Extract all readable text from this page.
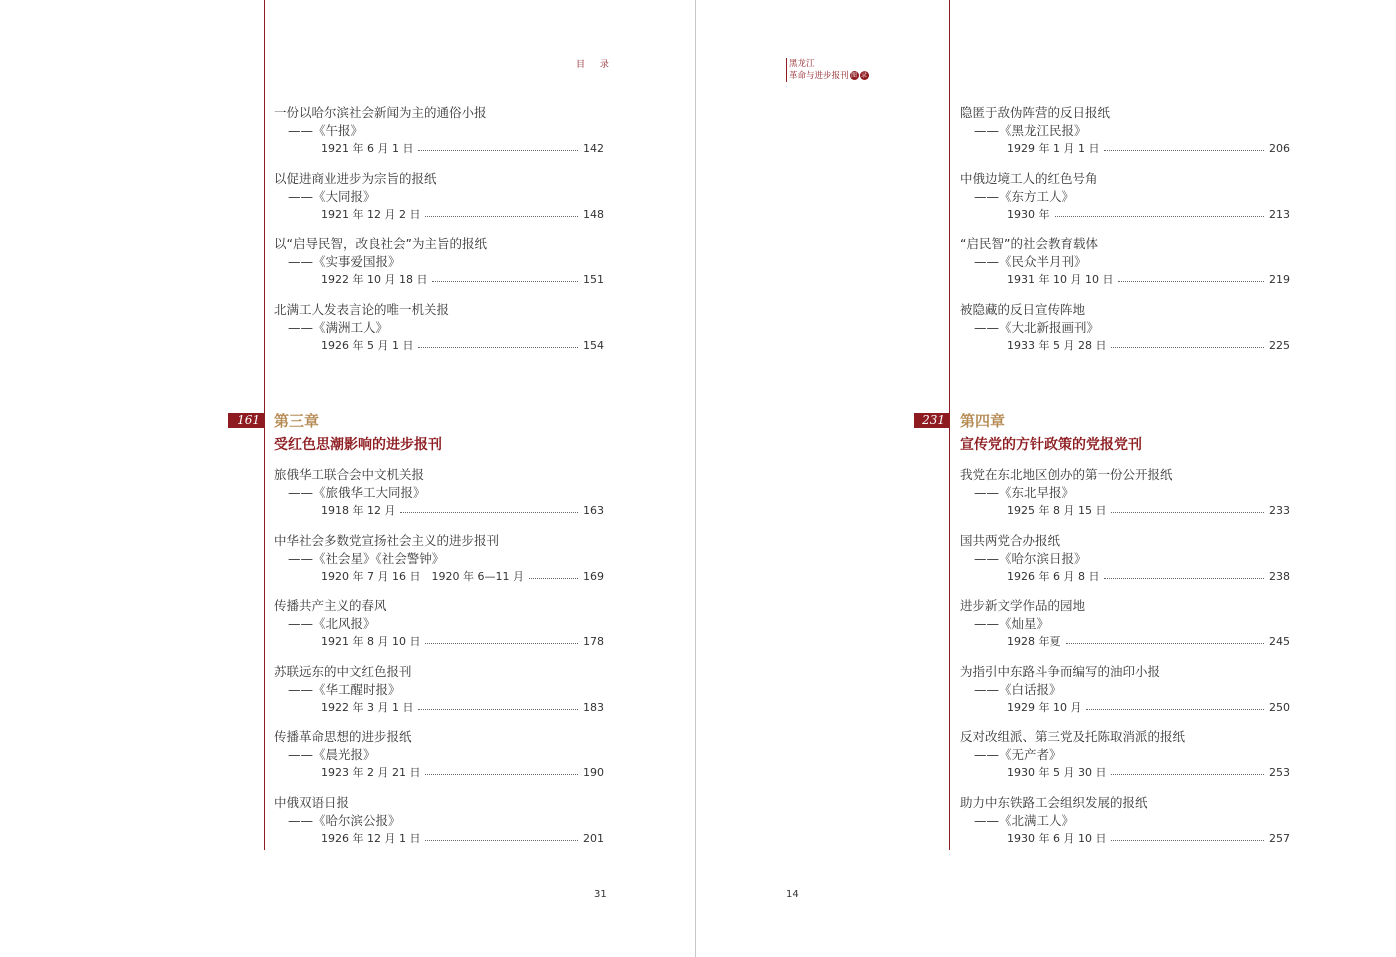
目 录
一份以哈尔滨社会新闻为主的通俗小报
——《午报》
1921 年 6 月 1 日	142
以促进商业进步为宗旨的报纸
——《大同报》
1921 年 12 月 2 日	148
以“启导民智，改良社会”为主旨的报纸
——《实事爱国报》
1922 年 10 月 18 日	151
北满工人发表言论的唯一机关报
——《满洲工人》
1926 年 5 月 1 日	154
161 第三章
受红色思潮影响的进步报刊
旅俄华工联合会中文机关报
——《旅俄华工大同报》
1918 年 12 月	163
中华社会多数党宣扬社会主义的进步报刊
——《社会星》《社会警钟》
1920 年 7 月 16 日　1920 年 6—11 月	169
传播共产主义的春风
——《北风报》
1921 年 8 月 10 日	178
苏联远东的中文红色报刊
——《华工醒时报》
1922 年 3 月 1 日	183
传播革命思想的进步报纸
——《晨光报》
1923 年 2 月 21 日	190
中俄双语日报
——《哈尔滨公报》
1926 年 12 月 1 日	201
31
黑龙江
革命与进步报刊 图 录
隐匿于敌伪阵营的反日报纸
——《黑龙江民报》
1929 年 1 月 1 日	206
中俄边境工人的红色号角
——《东方工人》
1930 年	213
“启民智”的社会教育载体
——《民众半月刊》
1931 年 10 月 10 日	219
被隐藏的反日宣传阵地
——《大北新报画刊》
1933 年 5 月 28 日	225
231 第四章
宣传党的方针政策的党报党刊
我党在东北地区创办的第一份公开报纸
——《东北早报》
1925 年 8 月 15 日	233
国共两党合办报纸
——《哈尔滨日报》
1926 年 6 月 8 日	238
进步新文学作品的园地
——《灿星》
1928 年夏	245
为指引中东路斗争而编写的油印小报
——《白话报》
1929 年 10 月	250
反对改组派、第三党及托陈取消派的报纸
——《无产者》
1930 年 5 月 30 日	253
助力中东铁路工会组织发展的报纸
——《北满工人》
1930 年 6 月 10 日	257
14
